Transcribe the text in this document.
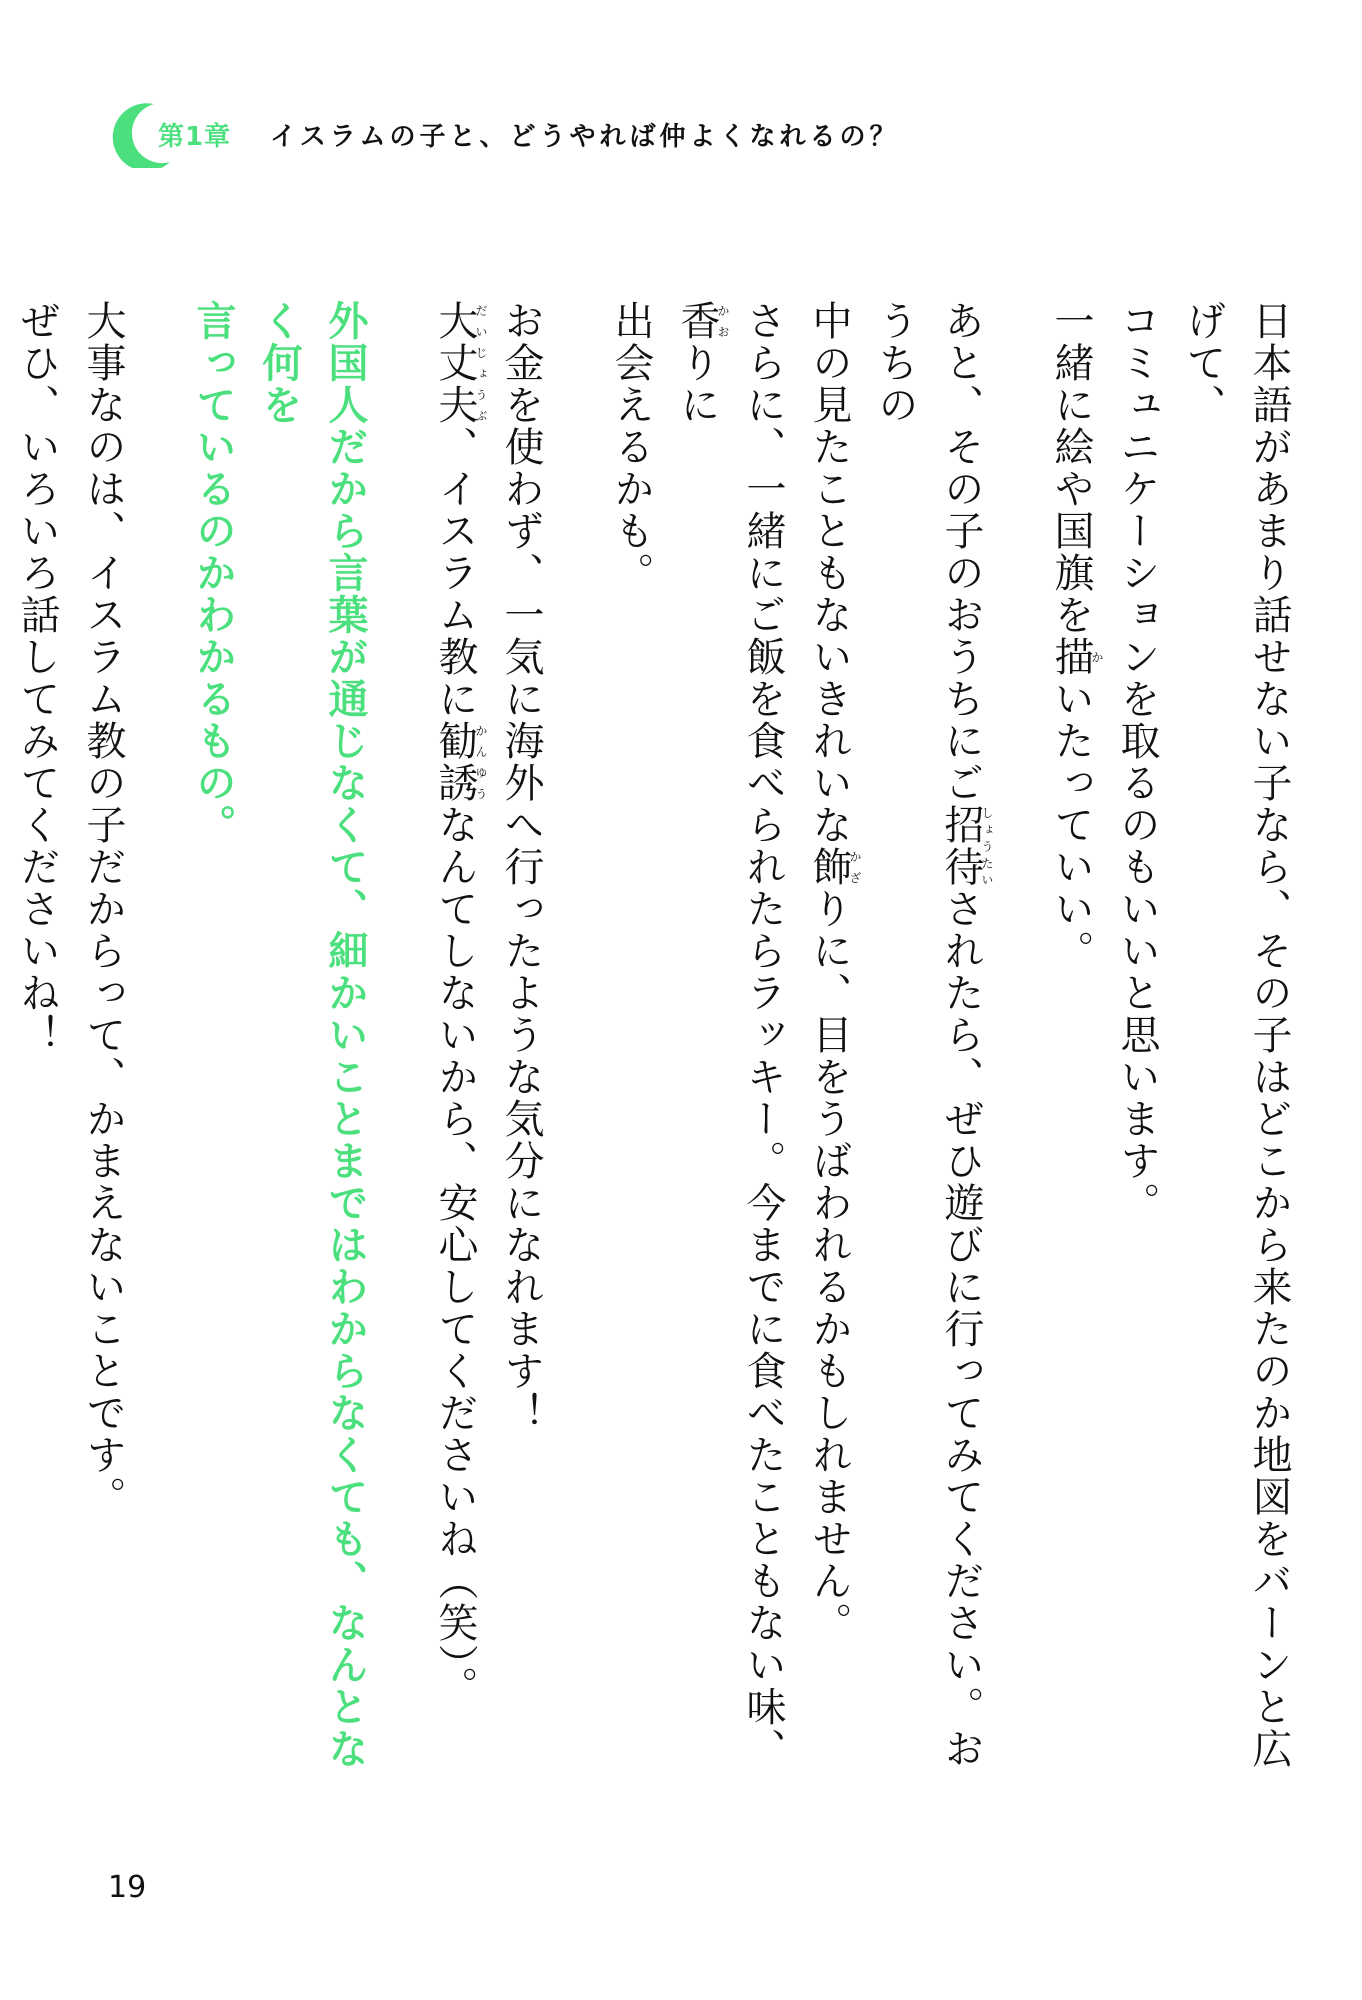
第1章 イスラムの子と、どうやれば仲よくなれるの？
日本語があまり話せない子なら、その子はどこから来たのか地図をバーンと広げて、
コミュニケーションを取るのもいいと思います。
一緒に絵や国旗を描かいたっていい。
あと、その子のおうちにご招待しょうたいされたら、ぜひ遊びに行ってみてください。おうちの
中の見たこともないきれいな飾かざりに、目をうばわれるかもしれません。
さらに、一緒にご飯を食べられたらラッキー。今までに食べたこともない味、香かおりに
出会えるかも。
お金を使わず、一気に海外へ行ったような気分になれます！
大丈夫だいじょうぶ、イスラム教に勧誘かんゆうなんてしないから、安心してくださいね（笑）。
外国人だから言葉が通じなくて、細かいことまではわからなくても、なんとなく何を
言っているのかわかるもの。
大事なのは、イスラム教の子だからって、かまえないことです。
ぜひ、いろいろ話してみてくださいね！
19
